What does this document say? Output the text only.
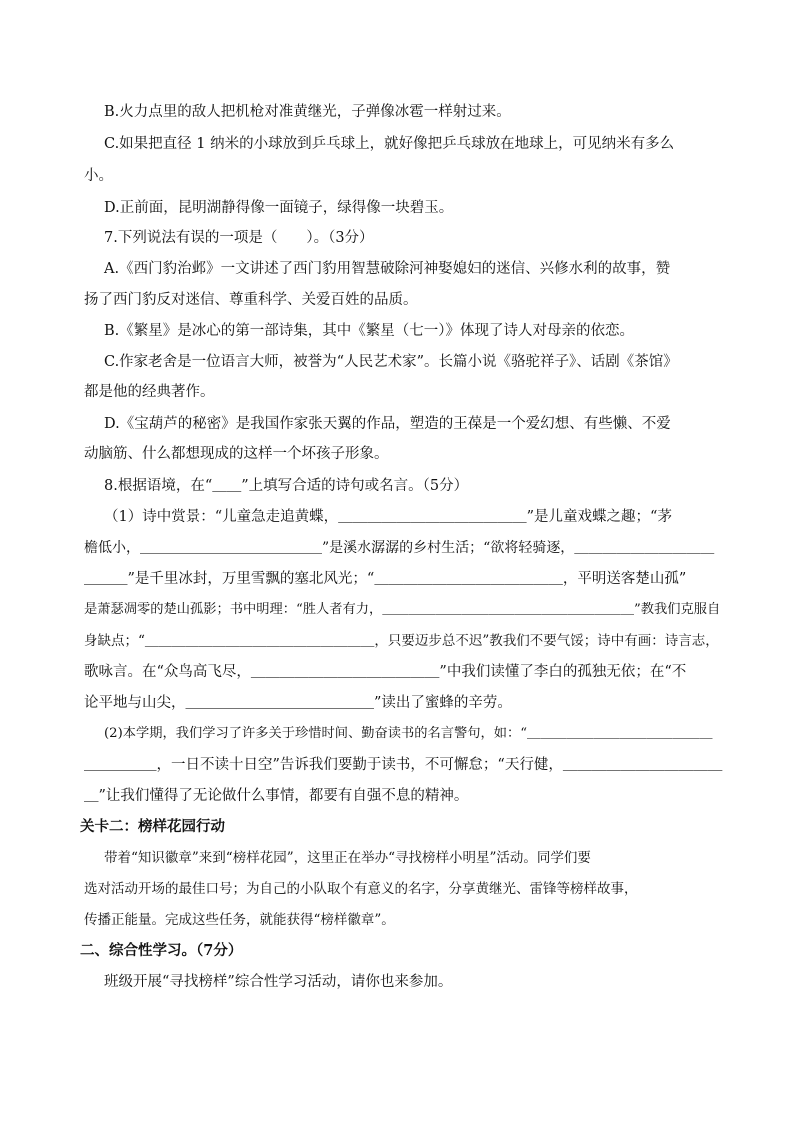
B.火力点里的敌人把机枪对准黄继光，子弹像冰雹一样射过来。
C.如果把直径 1 纳米的小球放到乒乓球上，就好像把乒乓球放在地球上，可见纳米有多么
小。
D.正前面，昆明湖静得像一面镜子，绿得像一块碧玉。
7.下列说法有误的一项是（　　）。（3分）
A.《西门豹治邺》一文讲述了西门豹用智慧破除河神娶媳妇的迷信、兴修水利的故事，赞
扬了西门豹反对迷信、尊重科学、关爱百姓的品质。
B.《繁星》是冰心的第一部诗集，其中《繁星（七一）》体现了诗人对母亲的依恋。
C.作家老舍是一位语言大师，被誉为“人民艺术家”。长篇小说《骆驼祥子》、话剧《茶馆》
都是他的经典著作。
D.《宝葫芦的秘密》是我国作家张天翼的作品，塑造的王葆是一个爱幻想、有些懒、不爱
动脑筋、什么都想现成的这样一个坏孩子形象。
8.根据语境，在“＿＿”上填写合适的诗句或名言。（5分）
（1）诗中赏景：“儿童急走追黄蝶，＿＿＿＿＿＿＿＿＿＿＿＿＿”是儿童戏蝶之趣；“茅
檐低小，＿＿＿＿＿＿＿＿＿＿＿＿＿”是溪水潺潺的乡村生活；“欲将轻骑逐，＿＿＿＿＿＿＿＿＿＿
＿＿＿”是千里冰封，万里雪飘的塞北风光；“＿＿＿＿＿＿＿＿＿＿＿＿＿，平明送客楚山孤”
是萧瑟凋零的楚山孤影；书中明理：“胜人者有力，＿＿＿＿＿＿＿＿＿＿＿＿＿＿＿＿＿＿＿”教我们克服自
身缺点；“＿＿＿＿＿＿＿＿＿＿＿＿＿＿＿＿＿，只要迈步总不迟”教我们不要气馁；诗中有画：诗言志，
歌咏言。在“众鸟高飞尽，＿＿＿＿＿＿＿＿＿＿＿＿＿”中我们读懂了李白的孤独无依；在“不
论平地与山尖，＿＿＿＿＿＿＿＿＿＿＿＿＿”读出了蜜蜂的辛劳。
(2)本学期，我们学习了许多关于珍惜时间、勤奋读书的名言警句，如：“＿＿＿＿＿＿＿＿＿＿＿＿＿＿
＿＿＿＿＿，一日不读十日空”告诉我们要勤于读书，不可懈怠；“天行健，＿＿＿＿＿＿＿＿＿＿＿
＿”让我们懂得了无论做什么事情，都要有自强不息的精神。
关卡二：榜样花园行动
带着“知识徽章”来到“榜样花园”，这里正在举办“寻找榜样小明星”活动。同学们要
选对活动开场的最佳口号；为自己的小队取个有意义的名字，分享黄继光、雷锋等榜样故事，
传播正能量。完成这些任务，就能获得“榜样徽章”。
二、综合性学习。（7分）
班级开展“寻找榜样”综合性学习活动，请你也来参加。
